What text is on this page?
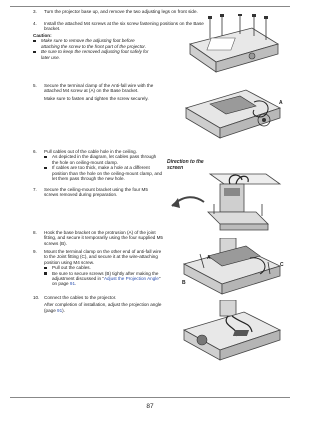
3.	Turn the projector base up, and remove the two adjusting legs on front side.
4.	Install the attached M4 screws at the six screw fastening positions on the Base bracket.
Caution:
Make sure to remove the adjusting foot before attaching the screw to the front part of the projector.
Be sure to keep the removed adjusting foot safely for later use.
5.	Secure the terminal clamp of the Anti-fall wire with the attached M4 screw at (A) on the Base bracket.
Make sure to fasten and tighten the screw securely.
A
6.	Pull cables out of the cable hole in the ceiling.
As depicted in the diagram, let cables pass through the hole on ceiling-mount clamp.
If cables are too thick, make a hole at a different position than the hole on the ceiling-mount clamp, and let them pass through the new hole.
7.	Secure the ceiling-mount bracket using the four M5 screws removed during preparation.
Direction to the
screen
8.	Hook the base bracket on the protrusion (A) of the joint fitting, and secure it temporarily using the four supplied M5 screws (B).
9.	Mount the terminal clamp on the other end of anti-fall wire to the Joint fitting (C), and secure it at the wire-attaching position using M4 screw.
Pull out the cables.
Be sure to secure screws (B) tightly after making the adjustment discussed in "Adjust the Projection Angle" on page 91.
10.	Connect the cables to the projector.
After completion of installation, adjust the projection angle (page 91).
A
B
C
87
